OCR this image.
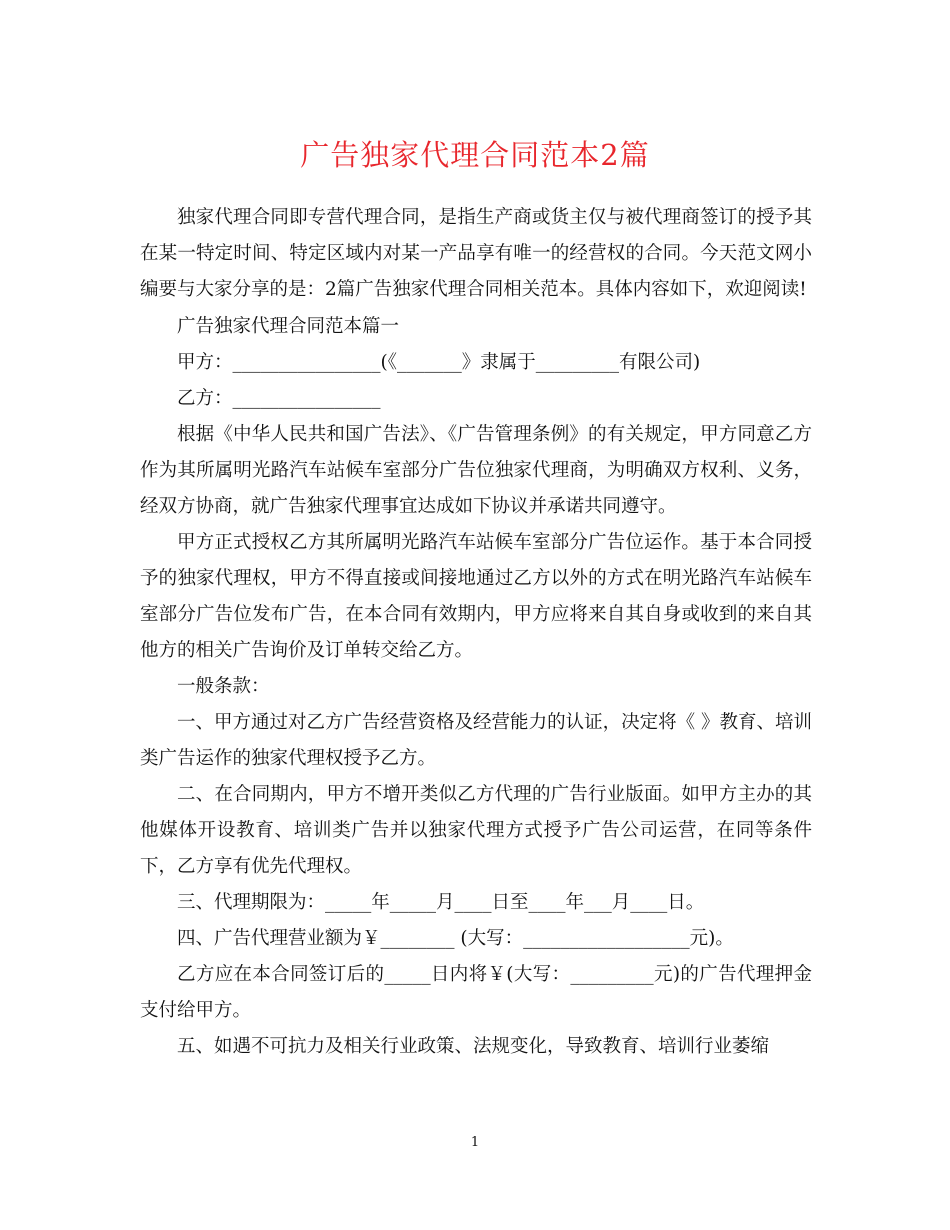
广告独家代理合同范本2篇

独家代理合同即专营代理合同，是指生产商或货主仅与被代理商签订的授予其在某一特定时间、特定区域内对某一产品享有唯一的经营权的合同。今天范文网小编要与大家分享的是：2篇广告独家代理合同相关范本。具体内容如下，欢迎阅读!

广告独家代理合同范本篇一

甲方：________________(《_______》隶属于_________有限公司)

乙方：________________

根据《中华人民共和国广告法》、《广告管理条例》的有关规定，甲方同意乙方作为其所属明光路汽车站候车室部分广告位独家代理商，为明确双方权利、义务，经双方协商，就广告独家代理事宜达成如下协议并承诺共同遵守。

甲方正式授权乙方其所属明光路汽车站候车室部分广告位运作。基于本合同授予的独家代理权，甲方不得直接或间接地通过乙方以外的方式在明光路汽车站候车室部分广告位发布广告，在本合同有效期内，甲方应将来自其自身或收到的来自其他方的相关广告询价及订单转交给乙方。

一般条款：

一、甲方通过对乙方广告经营资格及经营能力的认证，决定将《 》教育、培训类广告运作的独家代理权授予乙方。

二、在合同期内，甲方不增开类似乙方代理的广告行业版面。如甲方主办的其他媒体开设教育、培训类广告并以独家代理方式授予广告公司运营，在同等条件下，乙方享有优先代理权。

三、代理期限为：_____年_____月____日至____年___月____日。

四、广告代理营业额为￥________ (大写：__________________元)。

乙方应在本合同签订后的_____日内将￥(大写：_________元)的广告代理押金支付给甲方。

五、如遇不可抗力及相关行业政策、法规变化，导致教育、培训行业萎缩

1
